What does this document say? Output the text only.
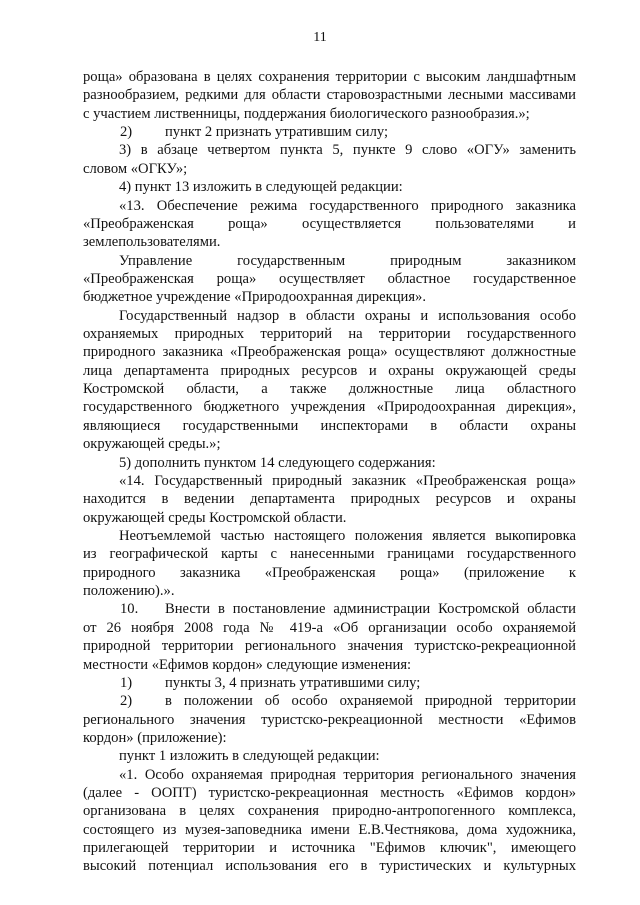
11
роща» образована в целях сохранения территории с высоким ландшафтным
разнообразием, редкими для области старовозрастными лесными массивами
с участием лиственницы, поддержания биологического разнообразия.»;
2)	пункт 2 признать утратившим силу;
3) в абзаце четвертом пункта 5, пункте 9 слово «ОГУ» заменить
словом «ОГКУ»;
4) пункт 13 изложить в следующей редакции:
«13. Обеспечение режима государственного природного заказника
«Преображенская роща» осуществляется пользователями и
землепользователями.
Управление государственным природным заказником
«Преображенская роща» осуществляет областное государственное
бюджетное учреждение «Природоохранная дирекция».
Государственный надзор в области охраны и использования особо
охраняемых природных территорий на территории государственного
природного заказника «Преображенская роща» осуществляют должностные
лица департамента природных ресурсов и охраны окружающей среды
Костромской области, а также должностные лица областного
государственного бюджетного учреждения «Природоохранная дирекция»,
являющиеся государственными инспекторами в области охраны
окружающей среды.»;
5) дополнить пунктом 14 следующего содержания:
«14. Государственный природный заказник «Преображенская роща»
находится в ведении департамента природных ресурсов и охраны
окружающей среды Костромской области.
Неотъемлемой частью настоящего положения является выкопировка
из географической карты с нанесенными границами государственного
природного заказника «Преображенская роща» (приложение к
положению).».
10.	Внести в постановление администрации Костромской области
от 26 ноября 2008 года № 419-а «Об организации особо охраняемой
природной территории регионального значения туристско-рекреационной
местности «Ефимов кордон» следующие изменения:
1)	пункты 3, 4 признать утратившими силу;
2)	в положении об особо охраняемой природной территории
регионального значения туристско-рекреационной местности «Ефимов
кордон» (приложение):
пункт 1 изложить в следующей редакции:
«1. Особо охраняемая природная территория регионального значения
(далее - ООПТ) туристско-рекреационная местность «Ефимов кордон»
организована в целях сохранения природно-антропогенного комплекса,
состоящего из музея-заповедника имени Е.В.Честнякова, дома художника,
прилегающей территории и источника "Ефимов ключик", имеющего
высокий потенциал использования его в туристических и культурных
